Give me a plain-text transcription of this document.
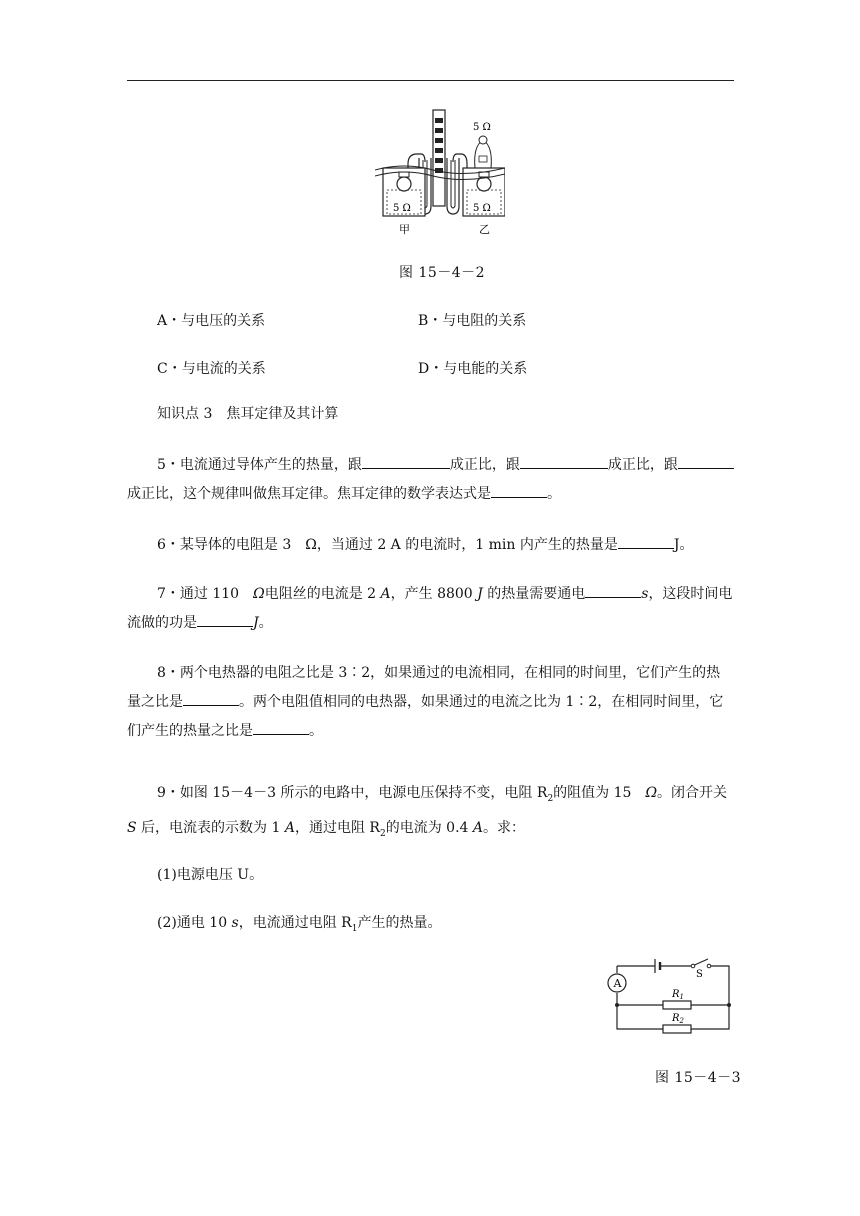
5 Ω
5 Ω	5 Ω
甲	乙
图 15－4－2
A・与电压的关系	B・与电阻的关系
C・与电流的关系	D・与电能的关系
知识点 3　焦耳定律及其计算
5・电流通过导体产生的热量，跟	成正比，跟	成正比，跟成正比，这个规律叫做焦耳定律。焦耳定律的数学表达式是	。
6・某导体的电阻是 3　Ω，当通过 2 A 的电流时，1 min 内产生的热量是	J。
7・通过 110　Ω电阻丝的电流是 2 A，产生 8800 J 的热量需要通电	s，这段时间电流做的功是	J。
8・两个电热器的电阻之比是 3∶2，如果通过的电流相同，在相同的时间里，它们产生的热量之比是	。两个电阻值相同的电热器，如果通过的电流之比为 1∶2，在相同时间里，它们产生的热量之比是	。
9・如图 15－4－3 所示的电路中，电源电压保持不变，电阻 $R_2$的阻值为 15　Ω。闭合开关 S 后，电流表的示数为 1 A，通过电阻 $R_2$的电流为 0.4 A。求：
(1)电源电压 U。
(2)通电 10 s，电流通过电阻 $R_1$产生的热量。
A
S
$R_1$
$R_2$
图 15－4－3
